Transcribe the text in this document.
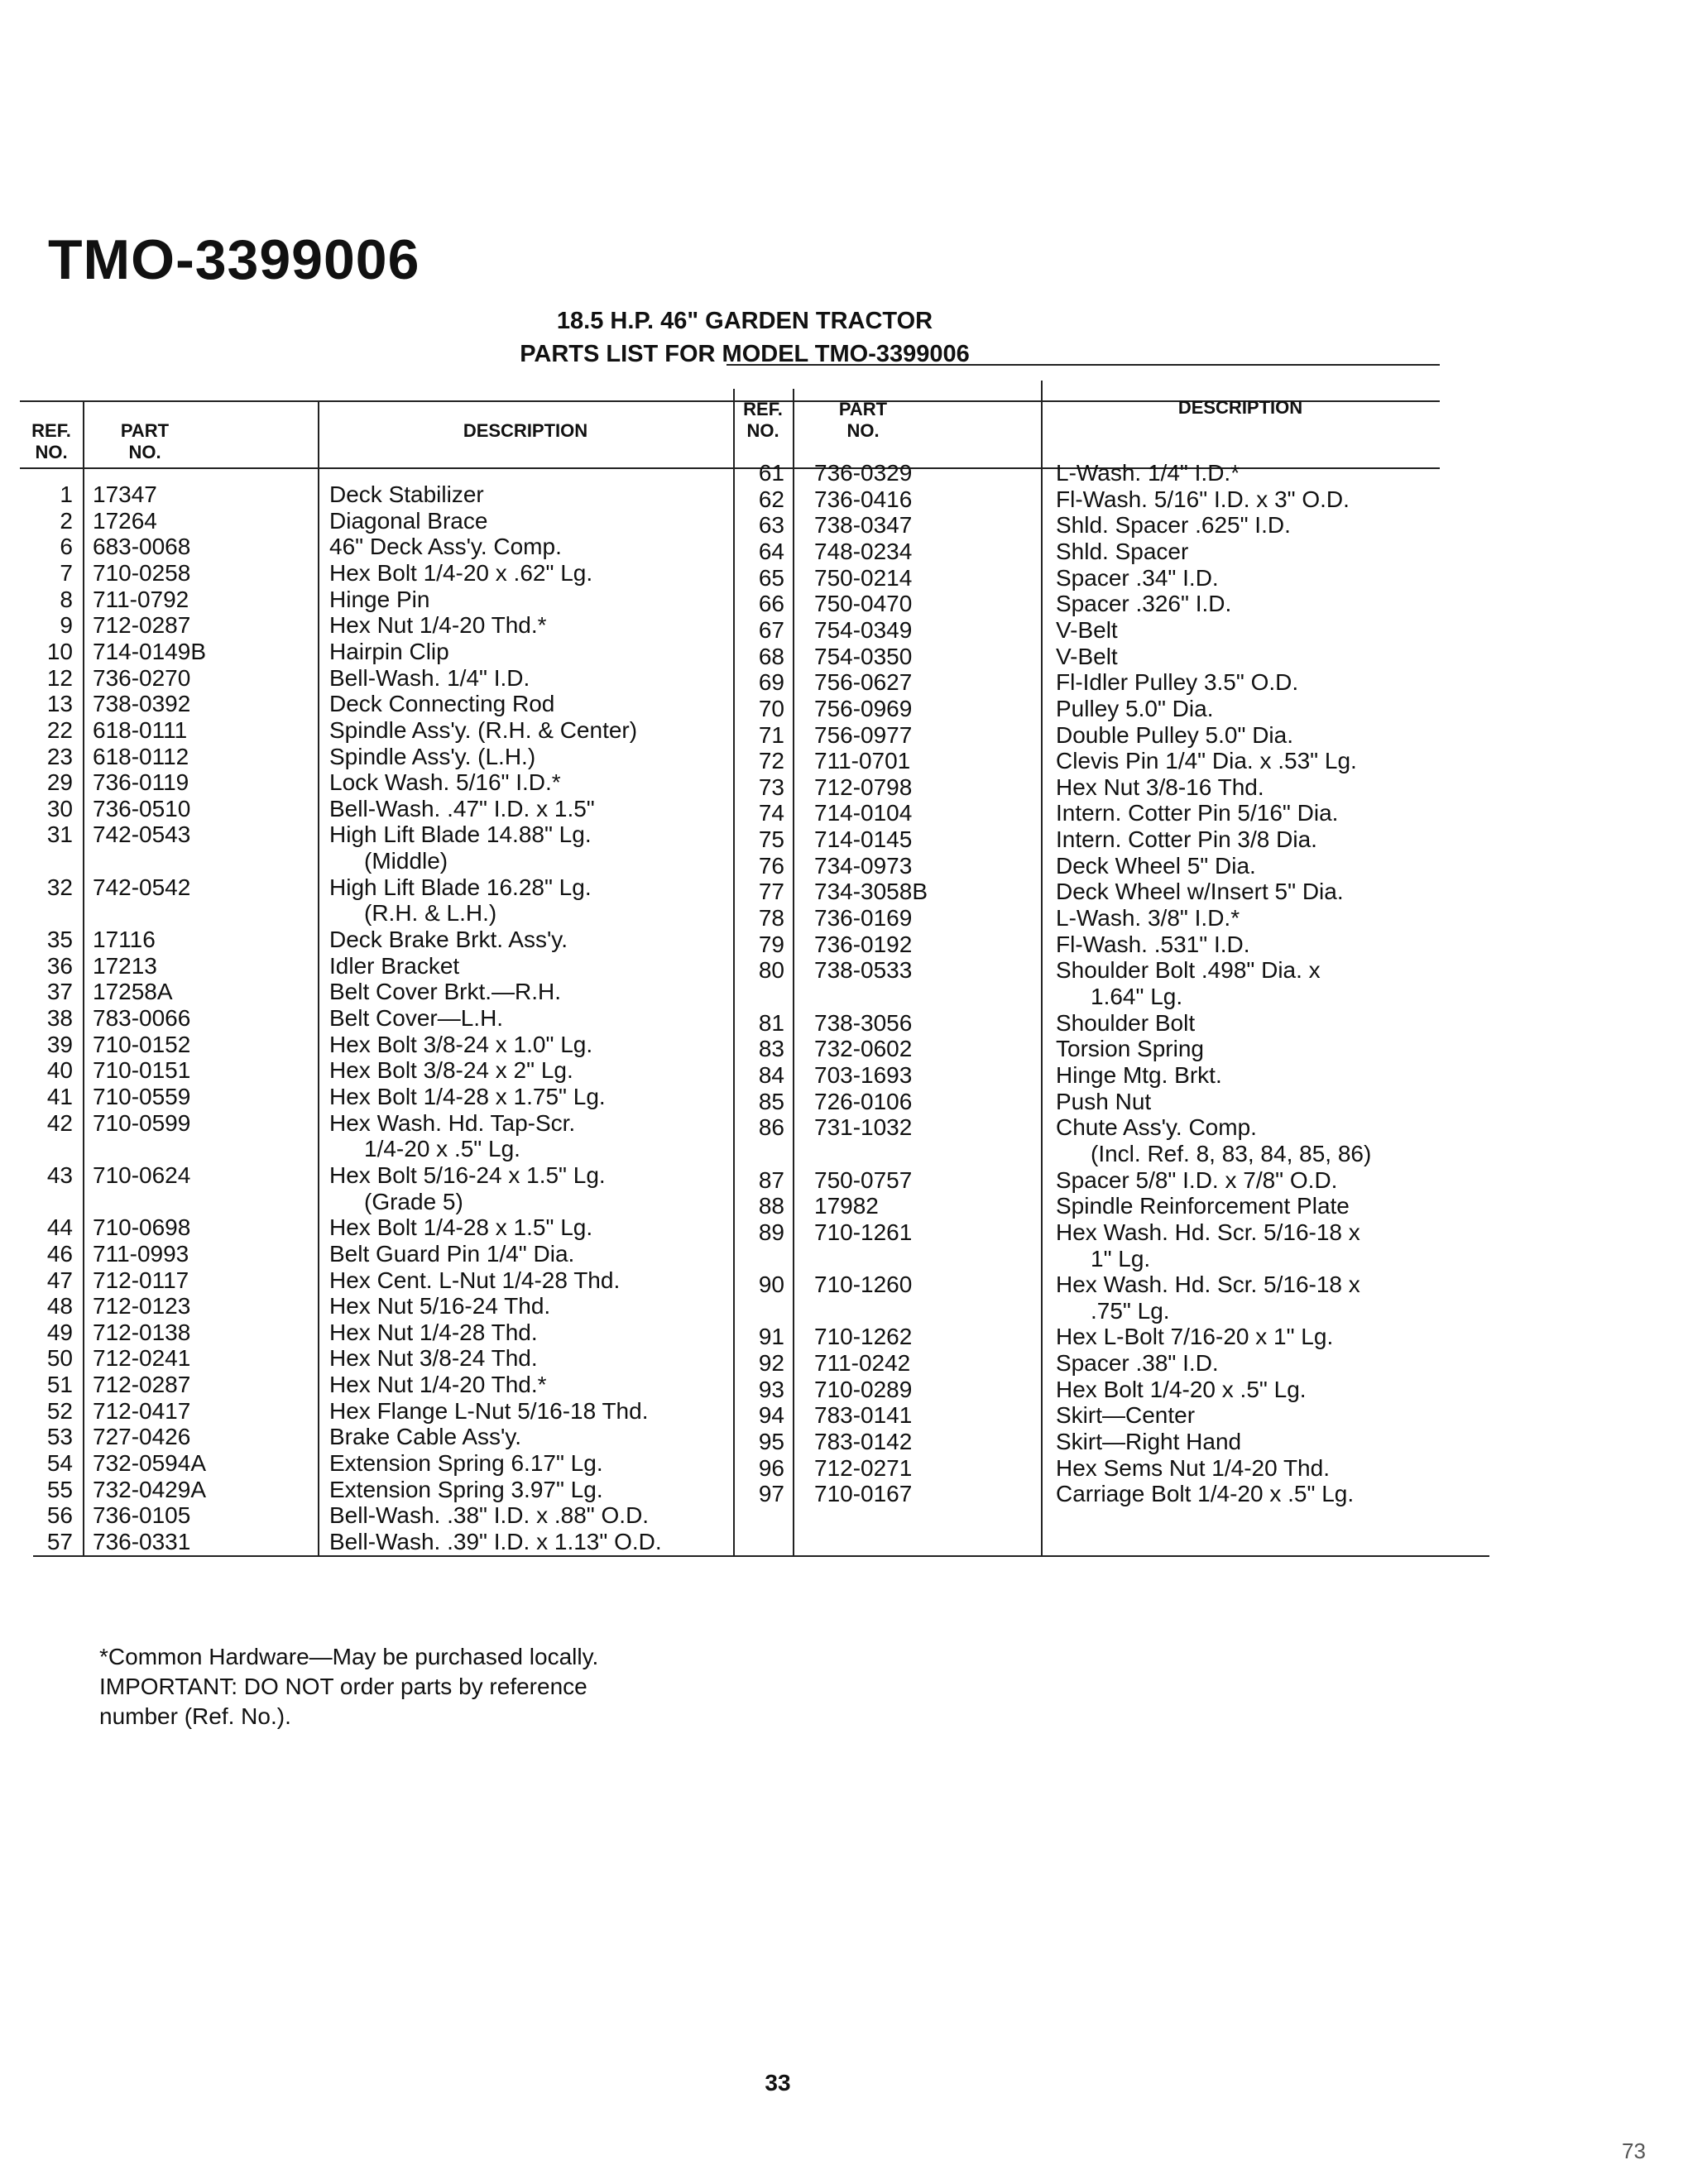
TMO-3399006
18.5 H.P. 46" GARDEN TRACTOR
PARTS LIST FOR MODEL TMO-3399006
REF.
NO.
PART
NO.
DESCRIPTION
REF.
NO.
PART
NO.
DESCRIPTION
1 17347	Deck Stabilizer
2 17264	Diagonal Brace
6 683-0068	46" Deck Ass'y. Comp.
7 710-0258	Hex Bolt 1/4-20 x .62" Lg.
8 711-0792	Hinge Pin
9 712-0287	Hex Nut 1/4-20 Thd.*
10 714-0149B	Hairpin Clip
12 736-0270	Bell-Wash. 1/4" I.D.
13 738-0392	Deck Connecting Rod
22 618-0111	Spindle Ass'y. (R.H. & Center)
23 618-0112	Spindle Ass'y. (L.H.)
29 736-0119	Lock Wash. 5/16" I.D.*
30 736-0510	Bell-Wash. .47" I.D. x 1.5"
31 742-0543	High Lift Blade 14.88" Lg.
(Middle)
32 742-0542	High Lift Blade 16.28" Lg.
(R.H. & L.H.)
35 17116	Deck Brake Brkt. Ass'y.
36 17213	Idler Bracket
37 17258A	Belt Cover Brkt.—R.H.
38 783-0066	Belt Cover—L.H.
39 710-0152	Hex Bolt 3/8-24 x 1.0" Lg.
40 710-0151	Hex Bolt 3/8-24 x 2" Lg.
41 710-0559	Hex Bolt 1/4-28 x 1.75" Lg.
42 710-0599	Hex Wash. Hd. Tap-Scr.
1/4-20 x .5" Lg.
43 710-0624	Hex Bolt 5/16-24 x 1.5" Lg.
(Grade 5)
44 710-0698	Hex Bolt 1/4-28 x 1.5" Lg.
46 711-0993	Belt Guard Pin 1/4" Dia.
47 712-0117	Hex Cent. L-Nut 1/4-28 Thd.
48 712-0123	Hex Nut 5/16-24 Thd.
49 712-0138	Hex Nut 1/4-28 Thd.
50 712-0241	Hex Nut 3/8-24 Thd.
51 712-0287	Hex Nut 1/4-20 Thd.*
52 712-0417	Hex Flange L-Nut 5/16-18 Thd.
53 727-0426	Brake Cable Ass'y.
54 732-0594A	Extension Spring 6.17" Lg.
55 732-0429A	Extension Spring 3.97" Lg.
56 736-0105	Bell-Wash. .38" I.D. x .88" O.D.
57 736-0331	Bell-Wash. .39" I.D. x 1.13" O.D.
61 736-0329	L-Wash. 1/4" I.D.*
62 736-0416	Fl-Wash. 5/16" I.D. x 3" O.D.
63 738-0347	Shld. Spacer .625" I.D.
64 748-0234	Shld. Spacer
65 750-0214	Spacer .34" I.D.
66 750-0470	Spacer .326" I.D.
67 754-0349	V-Belt
68 754-0350	V-Belt
69 756-0627	Fl-Idler Pulley 3.5" O.D.
70 756-0969	Pulley 5.0" Dia.
71 756-0977	Double Pulley 5.0" Dia.
72 711-0701	Clevis Pin 1/4" Dia. x .53" Lg.
73 712-0798	Hex Nut 3/8-16 Thd.
74 714-0104	Intern. Cotter Pin 5/16" Dia.
75 714-0145	Intern. Cotter Pin 3/8 Dia.
76 734-0973	Deck Wheel 5" Dia.
77 734-3058B	Deck Wheel w/Insert 5" Dia.
78 736-0169	L-Wash. 3/8" I.D.*
79 736-0192	Fl-Wash. .531" I.D.
80 738-0533	Shoulder Bolt .498" Dia. x
1.64" Lg.
81 738-3056	Shoulder Bolt
83 732-0602	Torsion Spring
84 703-1693	Hinge Mtg. Brkt.
85 726-0106	Push Nut
86 731-1032	Chute Ass'y. Comp.
(Incl. Ref. 8, 83, 84, 85, 86)
87 750-0757	Spacer 5/8" I.D. x 7/8" O.D.
88 17982	Spindle Reinforcement Plate
89 710-1261	Hex Wash. Hd. Scr. 5/16-18 x
1" Lg.
90 710-1260	Hex Wash. Hd. Scr. 5/16-18 x
.75" Lg.
91 710-1262	Hex L-Bolt 7/16-20 x 1" Lg.
92 711-0242	Spacer .38" I.D.
93 710-0289	Hex Bolt 1/4-20 x .5" Lg.
94 783-0141	Skirt—Center
95 783-0142	Skirt—Right Hand
96 712-0271	Hex Sems Nut 1/4-20 Thd.
97 710-0167	Carriage Bolt 1/4-20 x .5" Lg.
*Common Hardware—May be purchased locally.
IMPORTANT: DO NOT order parts by reference
number (Ref. No.).
33
73
